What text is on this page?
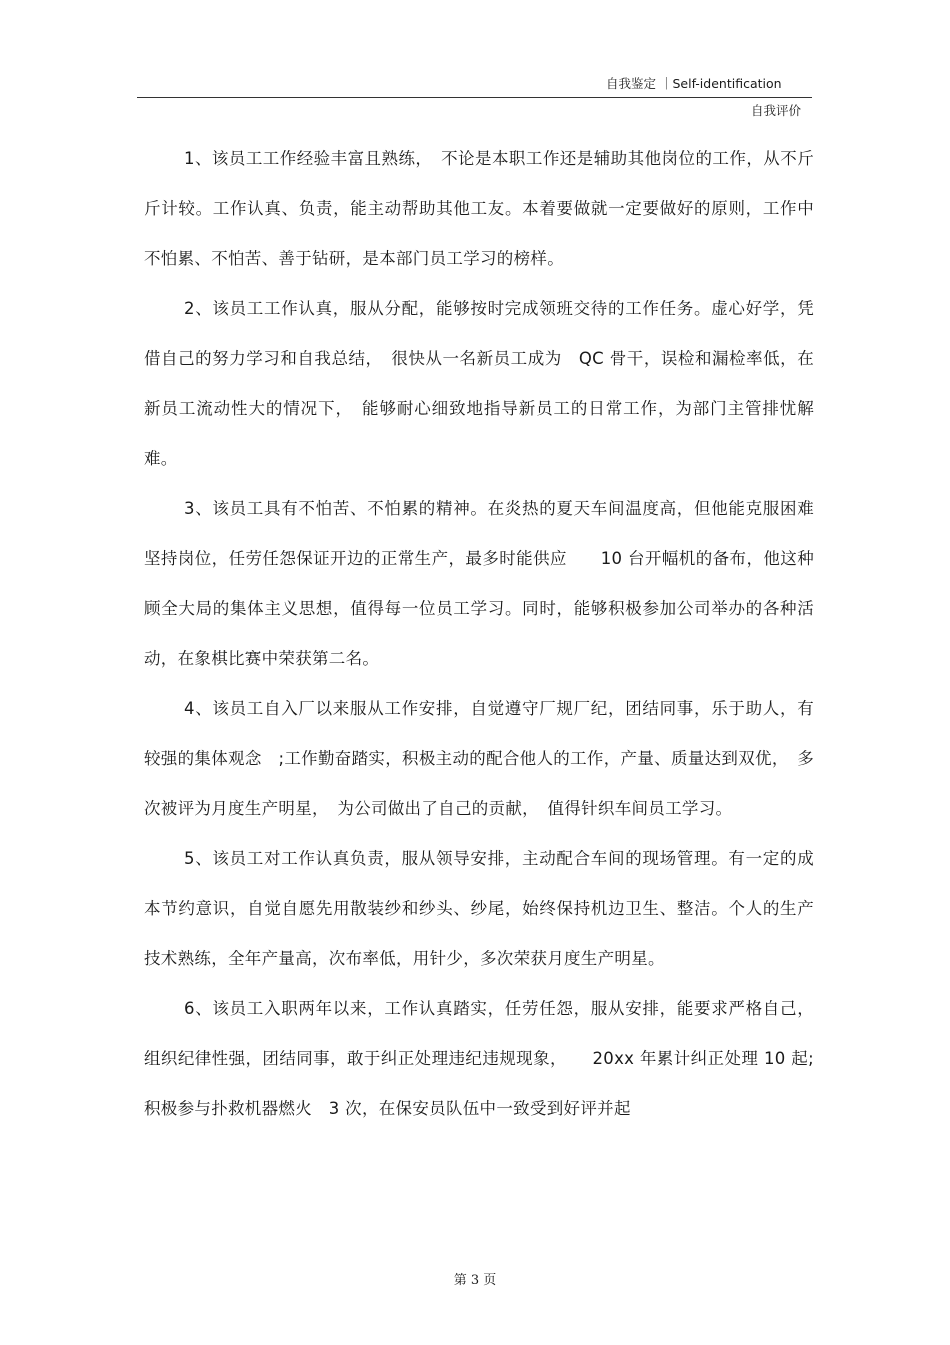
自我鉴定 ｜Self-identification
自我评价

1、该员工工作经验丰富且熟练，　不论是本职工作还是辅助其他岗位的工作，从不斤斤计较。工作认真、负责，能主动帮助其他工友。本着要做就一定要做好的原则，工作中不怕累、不怕苦、善于钻研，是本部门员工学习的榜样。

2、该员工工作认真，服从分配，能够按时完成领班交待的工作任务。虚心好学，凭借自己的努力学习和自我总结，　很快从一名新员工成为　QC 骨干，误检和漏检率低，在新员工流动性大的情况下，　能够耐心细致地指导新员工的日常工作，为部门主管排忧解难。

3、该员工具有不怕苦、不怕累的精神。在炎热的夏天车间温度高，但他能克服困难坚持岗位，任劳任怨保证开边的正常生产，最多时能供应　　10 台开幅机的备布，他这种顾全大局的集体主义思想，值得每一位员工学习。同时，能够积极参加公司举办的各种活动，在象棋比赛中荣获第二名。

4、该员工自入厂以来服从工作安排，自觉遵守厂规厂纪，团结同事，乐于助人，有较强的集体观念　;工作勤奋踏实，积极主动的配合他人的工作，产量、质量达到双优，　多次被评为月度生产明星，　为公司做出了自己的贡献，　值得针织车间员工学习。

5、该员工对工作认真负责，服从领导安排，主动配合车间的现场管理。有一定的成本节约意识，自觉自愿先用散装纱和纱头、纱尾，始终保持机边卫生、整洁。个人的生产技术熟练，全年产量高，次布率低，用针少，多次荣获月度生产明星。

6、该员工入职两年以来，工作认真踏实，任劳任怨，服从安排，能要求严格自己，组织纪律性强，团结同事，敢于纠正处理违纪违规现象，　　20xx 年累计纠正处理 10 起;积极参与扑救机器燃火　3 次，在保安员队伍中一致受到好评并起

第 3 页
